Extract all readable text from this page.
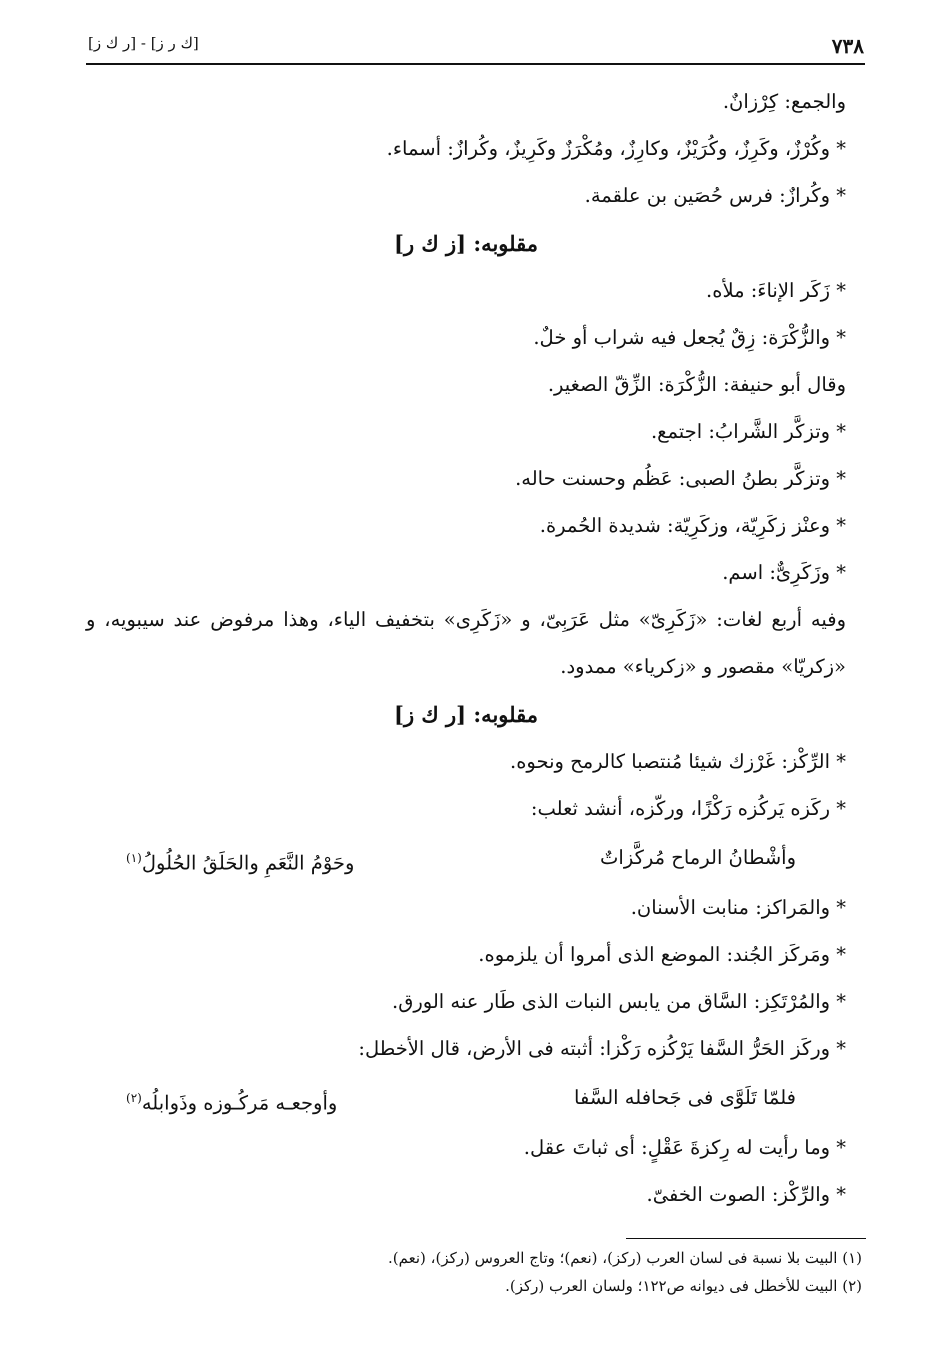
٧٣٨
[ك ر ز] - [ر ك ز]
والجمع: كِرْزانٌ.
* وكُرْزٌ، وكَرِزٌ، وكُرَيْزٌ، وكارِزٌ، ومُكْرَزٌ وكَرِيزٌ، وكُرازٌ: أسماء.
* وكُرازٌ: فرس حُصَين بن علقمة.
مقلوبه: [ز ك ر]
* زَكَر الإناءَ: ملأه.
* والزُّكْرَة: زِقٌ يُجعل فيه شراب أو خلٌ.
وقال أبو حنيفة: الزُّكْرَة: الزِّقّ الصغير.
* وتزكَّر الشَّرابُ: اجتمع.
* وتزكَّر بطنُ الصبى: عَظُم وحسنت حاله.
* وعنْز زكَرِيّة، وزكَرِيّة: شديدة الحُمرة.
* وزَكَرِىٌّ: اسم.
وفيه أربع لغات: «زَكَرِىّ» مثل عَرَبِىّ، و «زَكَرِى» بتخفيف الياء، وهذا مرفوض عند سيبويه، و «زكريّا» مقصور و «زكرياء» ممدود.
مقلوبه: [ر ك ز]
* الرِّكْز: غَرْزك شيئا مُنتصبا كالرمح ونحوه.
* ركَزه يَركُزه رَكْزًا، وركّزه، أنشد ثعلب:
وأشْطانُ الرماح مُركَّزاتٌ
وحَوْمُ النَّعَمِ والحَلَقُ الحُلُولُ$^{(١)}$
* والمَراكز: منابت الأسنان.
* ومَركَز الجُند: الموضع الذى أمروا أن يلزموه.
* والمُرْتَكِز: السَّاق من يابس النبات الذى طَار عنه الورق.
* وركَز الحَرُّ السَّفا يَرْكُزه رَكْزا: أثبته فى الأرض، قال الأخطل:
فلمّا تَلَوَّى فى جَحافله السَّفا
وأوجعـه مَركُـوزه وذَوابلُه$^{(٢)}$
* وما رأيت له رِكزةَ عَقْلٍ: أى ثباتَ عقل.
* والرِّكْز: الصوت الخفىّ.
(١) البيت بلا نسبة فى لسان العرب (ركز)، (نعم)؛ وتاج العروس (ركز)، (نعم).
(٢) البيت للأخطل فى ديوانه ص١٢٢؛ ولسان العرب (ركز).
